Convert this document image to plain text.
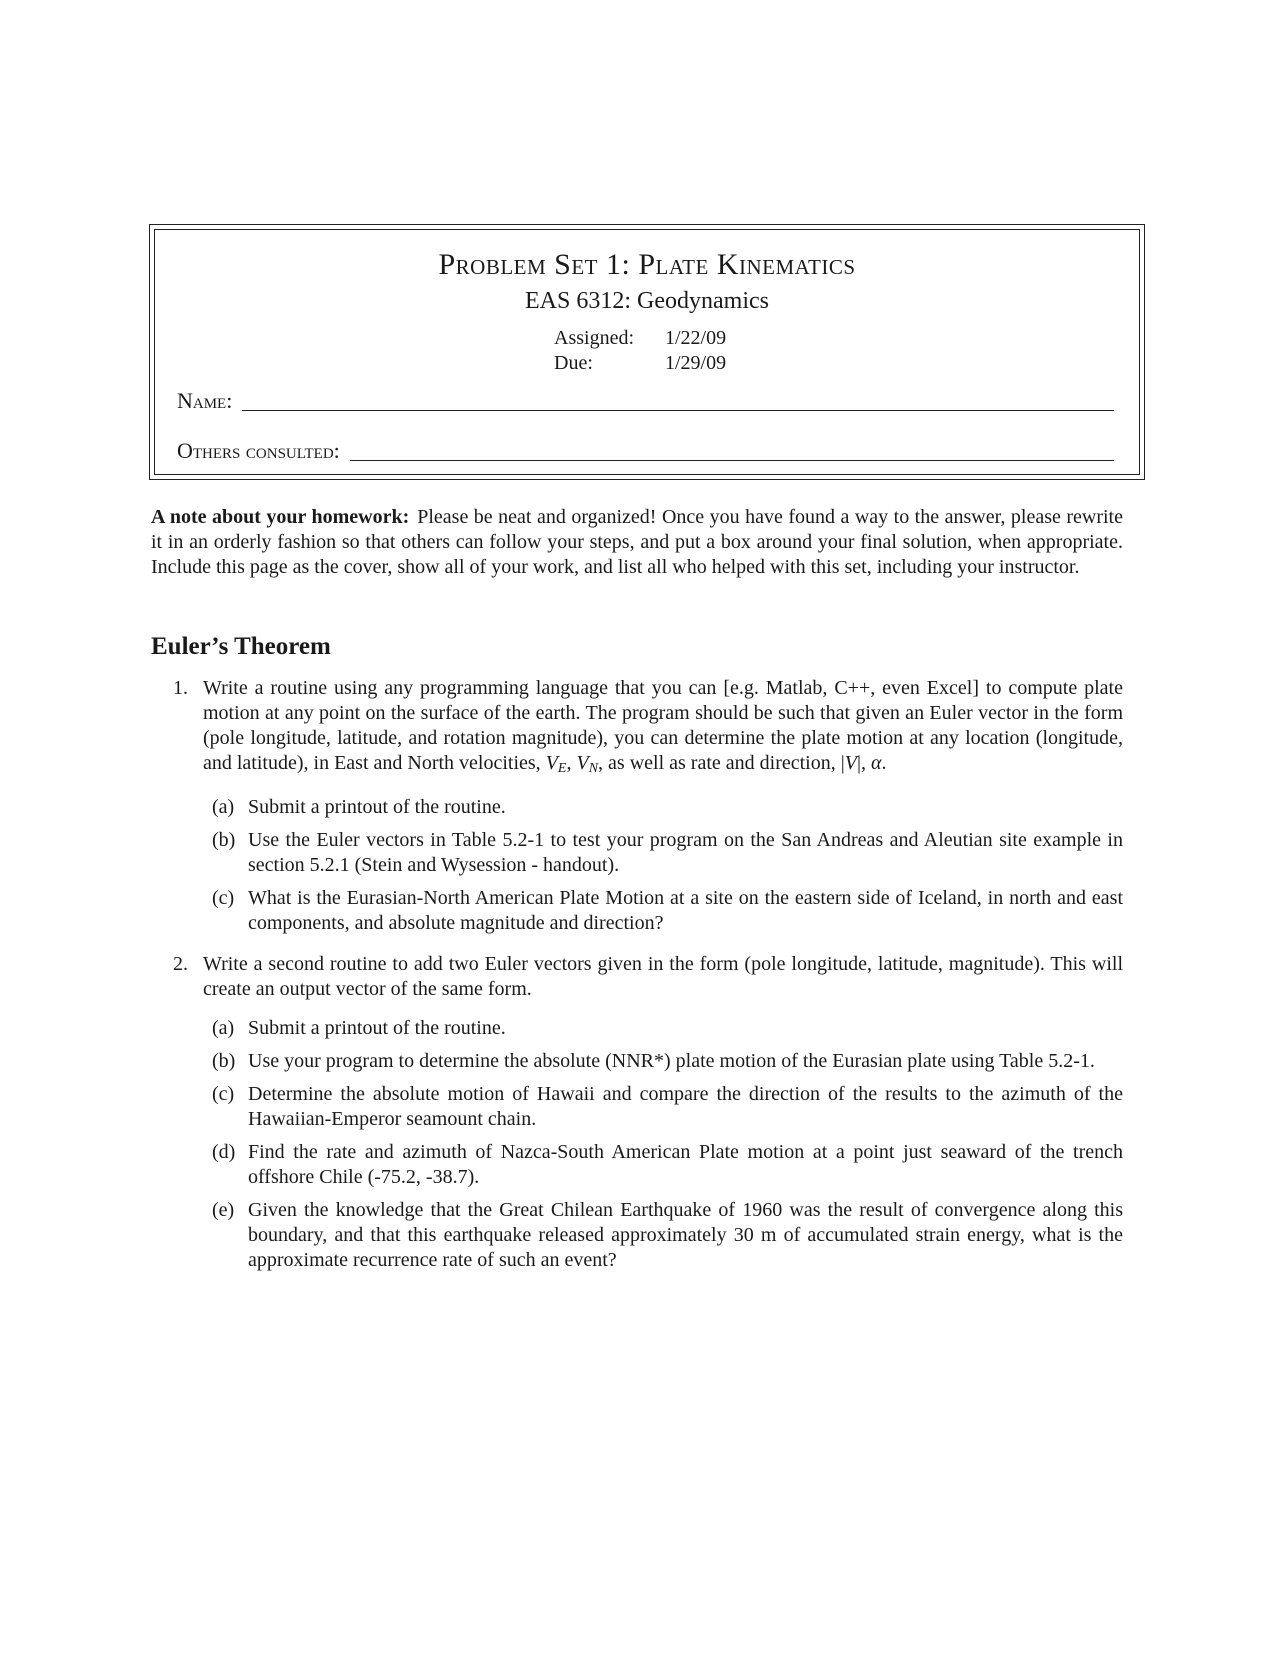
Problem Set 1: Plate Kinematics
EAS 6312: Geodynamics
Assigned:	1/22/09
Due:	1/29/09
Name:
Others consulted:
A note about your homework: Please be neat and organized! Once you have found a way to the answer, please rewrite it in an orderly fashion so that others can follow your steps, and put a box around your final solution, when appropriate. Include this page as the cover, show all of your work, and list all who helped with this set, including your instructor.
Euler’s Theorem
1. Write a routine using any programming language that you can [e.g. Matlab, C++, even Excel] to compute plate motion at any point on the surface of the earth. The program should be such that given an Euler vector in the form (pole longitude, latitude, and rotation magnitude), you can determine the plate motion at any location (longitude, and latitude), in East and North velocities, $V_E$, $V_N$, as well as rate and direction, |V|, α.
(a) Submit a printout of the routine.
(b) Use the Euler vectors in Table 5.2-1 to test your program on the San Andreas and Aleutian site example in section 5.2.1 (Stein and Wysession - handout).
(c) What is the Eurasian-North American Plate Motion at a site on the eastern side of Iceland, in north and east components, and absolute magnitude and direction?
2. Write a second routine to add two Euler vectors given in the form (pole longitude, latitude, magnitude). This will create an output vector of the same form.
(a) Submit a printout of the routine.
(b) Use your program to determine the absolute (NNR*) plate motion of the Eurasian plate using Table 5.2-1.
(c) Determine the absolute motion of Hawaii and compare the direction of the results to the azimuth of the Hawaiian-Emperor seamount chain.
(d) Find the rate and azimuth of Nazca-South American Plate motion at a point just seaward of the trench offshore Chile (-75.2, -38.7).
(e) Given the knowledge that the Great Chilean Earthquake of 1960 was the result of convergence along this boundary, and that this earthquake released approximately 30 m of accumulated strain energy, what is the approximate recurrence rate of such an event?
